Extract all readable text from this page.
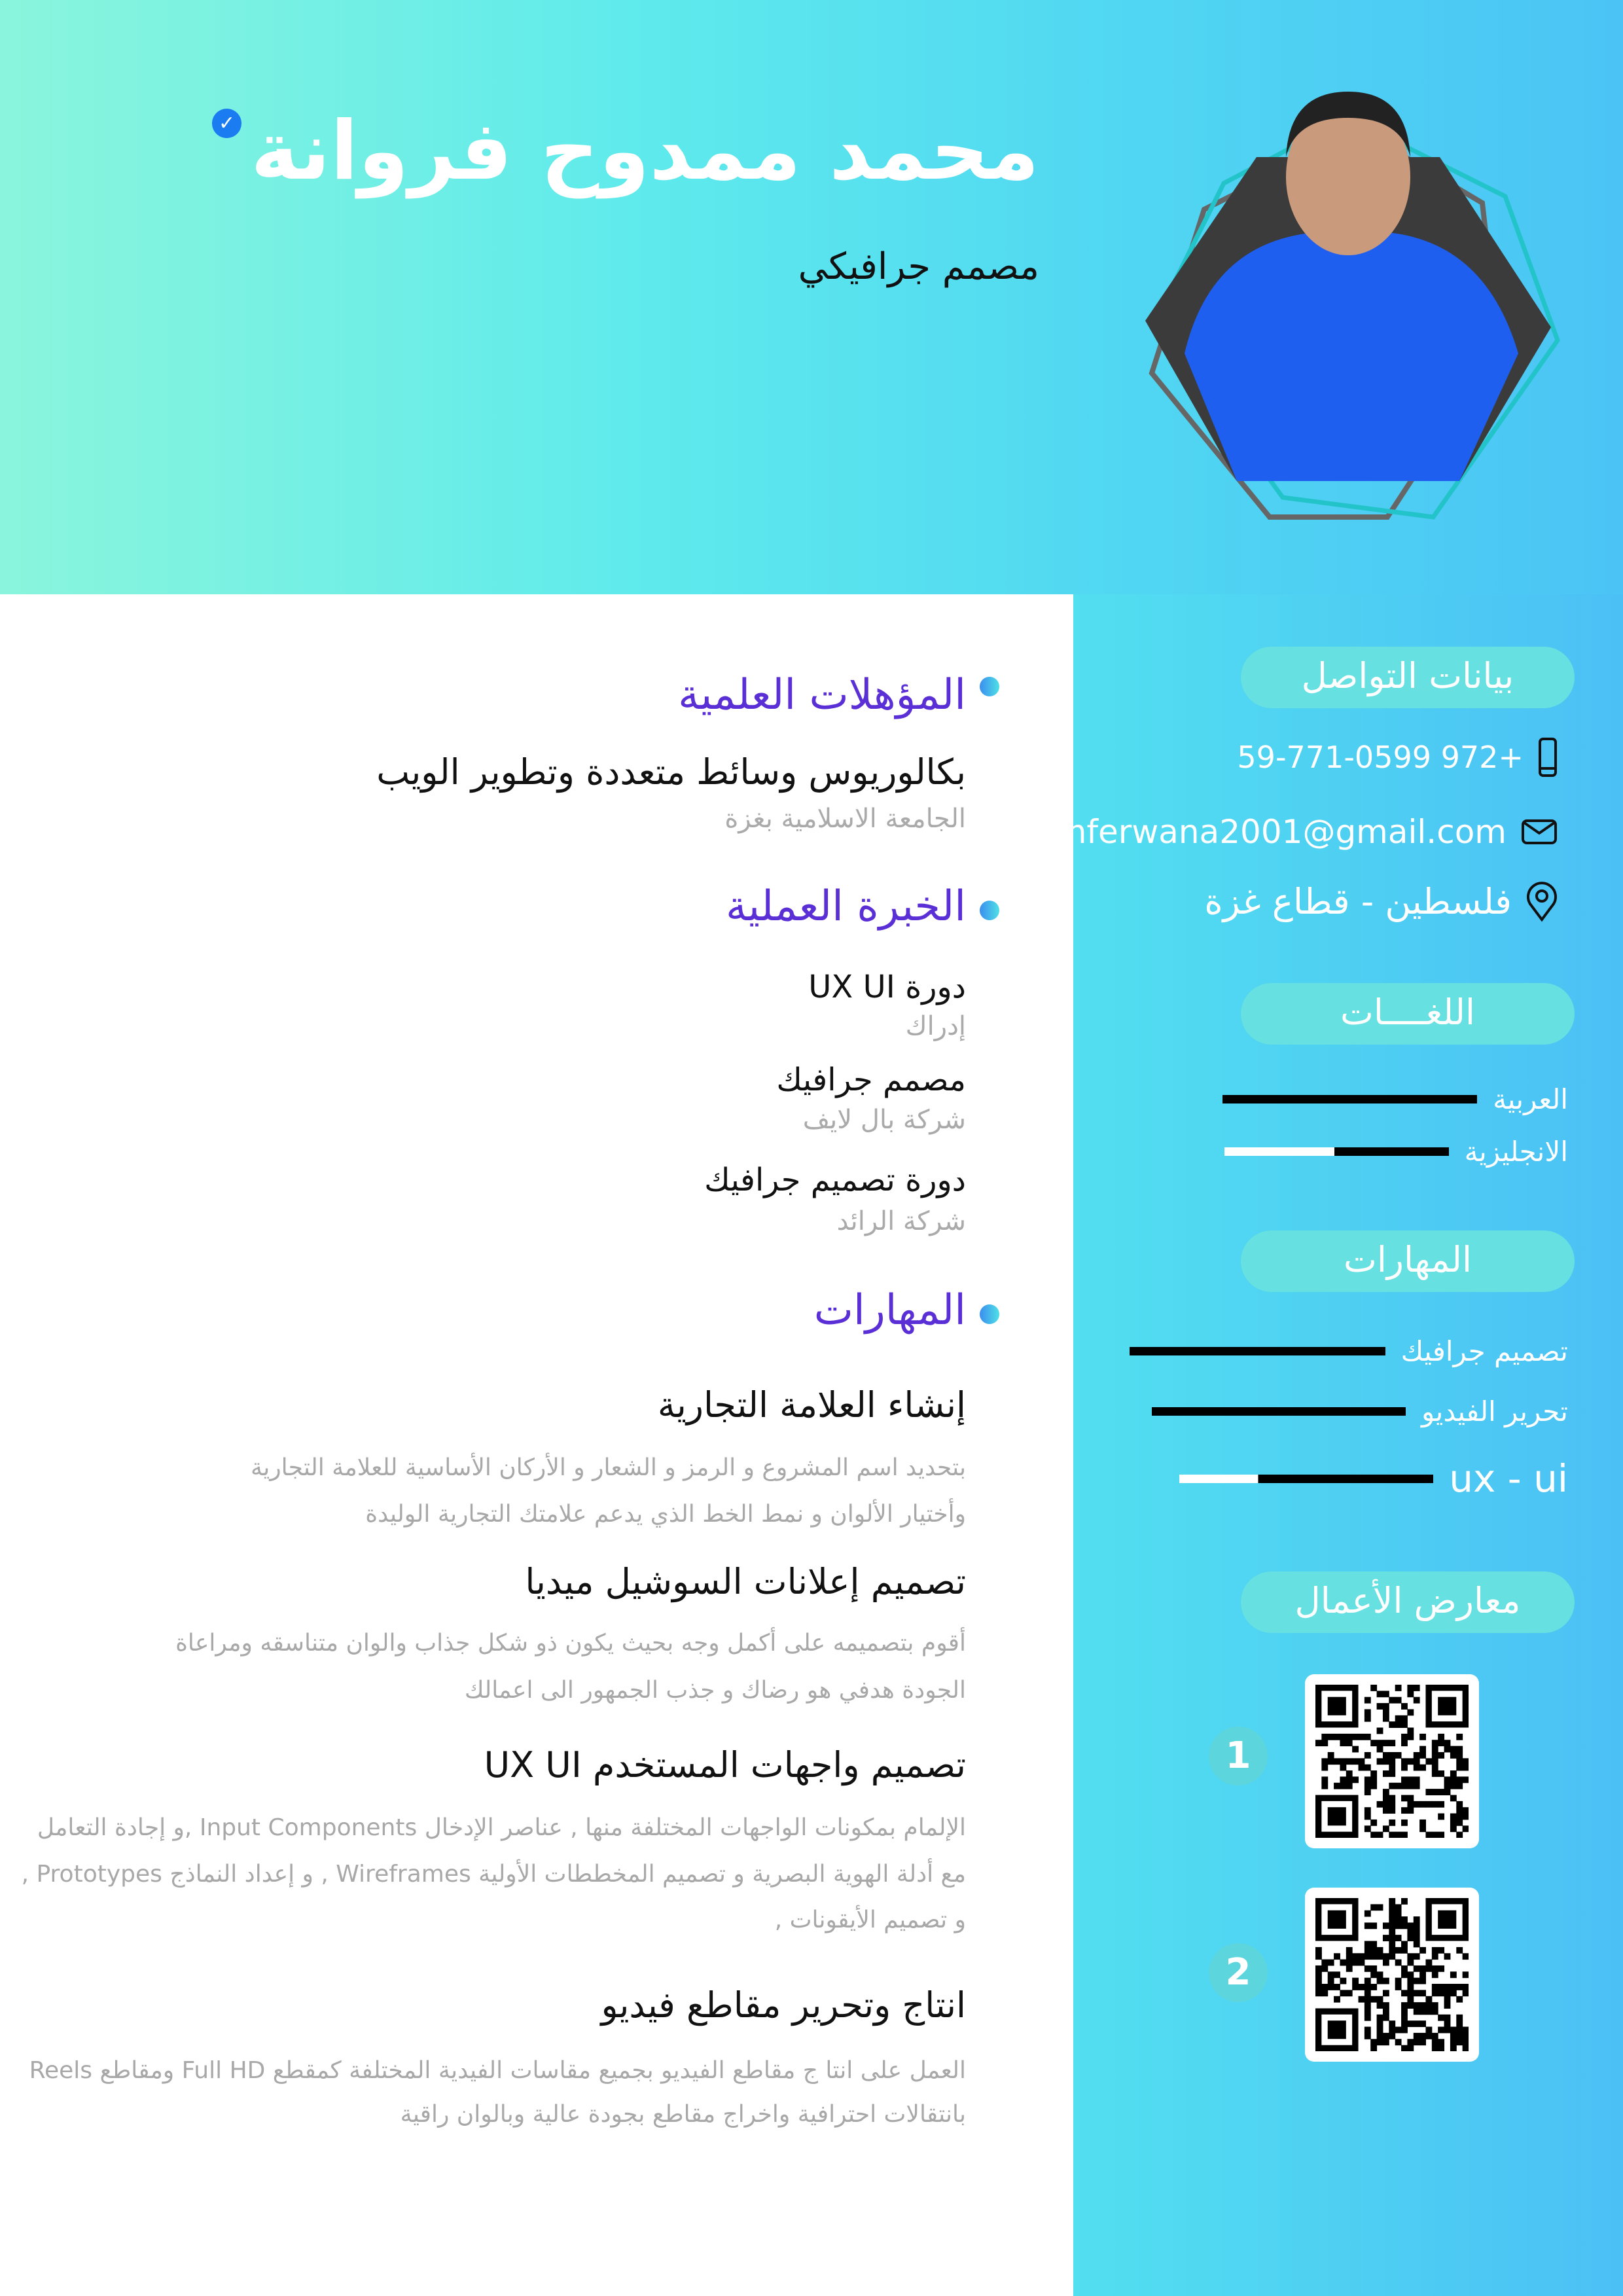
محمد ممدوح فروانة
✓
مصمم جرافيكي
المؤهلات العلمية
بكالوريوس وسائط متعددة وتطوير الويب
الجامعة الاسلامية بغزة
الخبرة العملية
دورة UX UI
إدراك
مصمم جرافيك
شركة بال لايف
دورة تصميم جرافيك
شركة الرائد
المهارات
إنشاء العلامة التجارية
بتحديد اسم المشروع و الرمز و الشعار و الأركان الأساسية للعلامة التجارية
وأختيار الألوان و نمط الخط الذي يدعم علامتك التجارية الوليدة
تصميم إعلانات السوشيل ميديا
أقوم بتصميمه على أكمل وجه بحيث يكون ذو شكل جذاب والوان متناسقه ومراعاة
الجودة هدفي هو رضاك و جذب الجمهور الى اعمالك
تصميم واجهات المستخدم UX UI
الإلمام بمكونات الواجهات المختلفة منها , عناصر الإدخال Input Components ,و إجادة التعامل
مع أدلة الهوية البصرية و تصميم المخططات الأولية Wireframes , و إعداد النماذج Prototypes ,
و تصميم الأيقونات ,
انتاج وتحرير مقاطع فيديو
العمل على انتا ج مقاطع الفيديو بجميع مقاسات الفيدية المختلفة كمقطع Full HD ومقاطع Reels
بانتقالات احترافية واخراج مقاطع بجودة عالية وبالوان راقية
بيانات التواصل
+972 59-771-0599
mferwana2001@gmail.com
فلسطين - قطاع غزة
اللغــــات
العربية
الانجليزية
المهارات
تصميم جرافيك
تحرير الفيديو
ux - ui
معارض الأعمال
1
2
